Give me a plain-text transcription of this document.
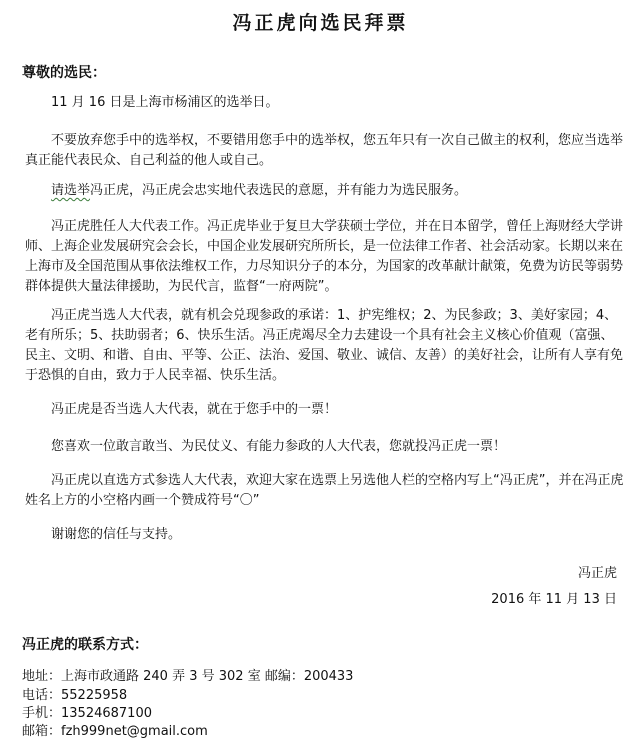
冯正虎向选民拜票
尊敬的选民：

11 月 16 日是上海市杨浦区的选举日。

不要放弃您手中的选举权，不要错用您手中的选举权，您五年只有一次自己做主的权利，您应当选举真正能代表民众、自己利益的他人或自己。

请选举冯正虎，冯正虎会忠实地代表选民的意愿，并有能力为选民服务。

冯正虎胜任人大代表工作。冯正虎毕业于复旦大学获硕士学位，并在日本留学，曾任上海财经大学讲师、上海企业发展研究会会长，中国企业发展研究所所长，是一位法律工作者、社会活动家。长期以来在上海市及全国范围从事依法维权工作，力尽知识分子的本分，为国家的改革献计献策，免费为访民等弱势群体提供大量法律援助，为民代言，监督“一府两院”。

冯正虎当选人大代表，就有机会兑现参政的承诺：1、护宪维权；2、为民参政；3、美好家园；4、老有所乐；5、扶助弱者；6、快乐生活。冯正虎竭尽全力去建设一个具有社会主义核心价值观（富强、民主、文明、和谐、自由、平等、公正、法治、爱国、敬业、诚信、友善）的美好社会，让所有人享有免于恐惧的自由，致力于人民幸福、快乐生活。

冯正虎是否当选人大代表，就在于您手中的一票！

您喜欢一位敢言敢当、为民仗义、有能力参政的人大代表，您就投冯正虎一票！

冯正虎以直选方式参选人大代表，欢迎大家在选票上另选他人栏的空格内写上“冯正虎”，并在冯正虎姓名上方的小空格内画一个赞成符号“〇”

谢谢您的信任与支持。

冯正虎
2016 年 11 月 13 日
冯正虎的联系方式：
地址：上海市政通路 240 弄 3 号 302 室 邮编：200433
电话：55225958
手机：13524687100
邮箱：fzh999net@gmail.com
